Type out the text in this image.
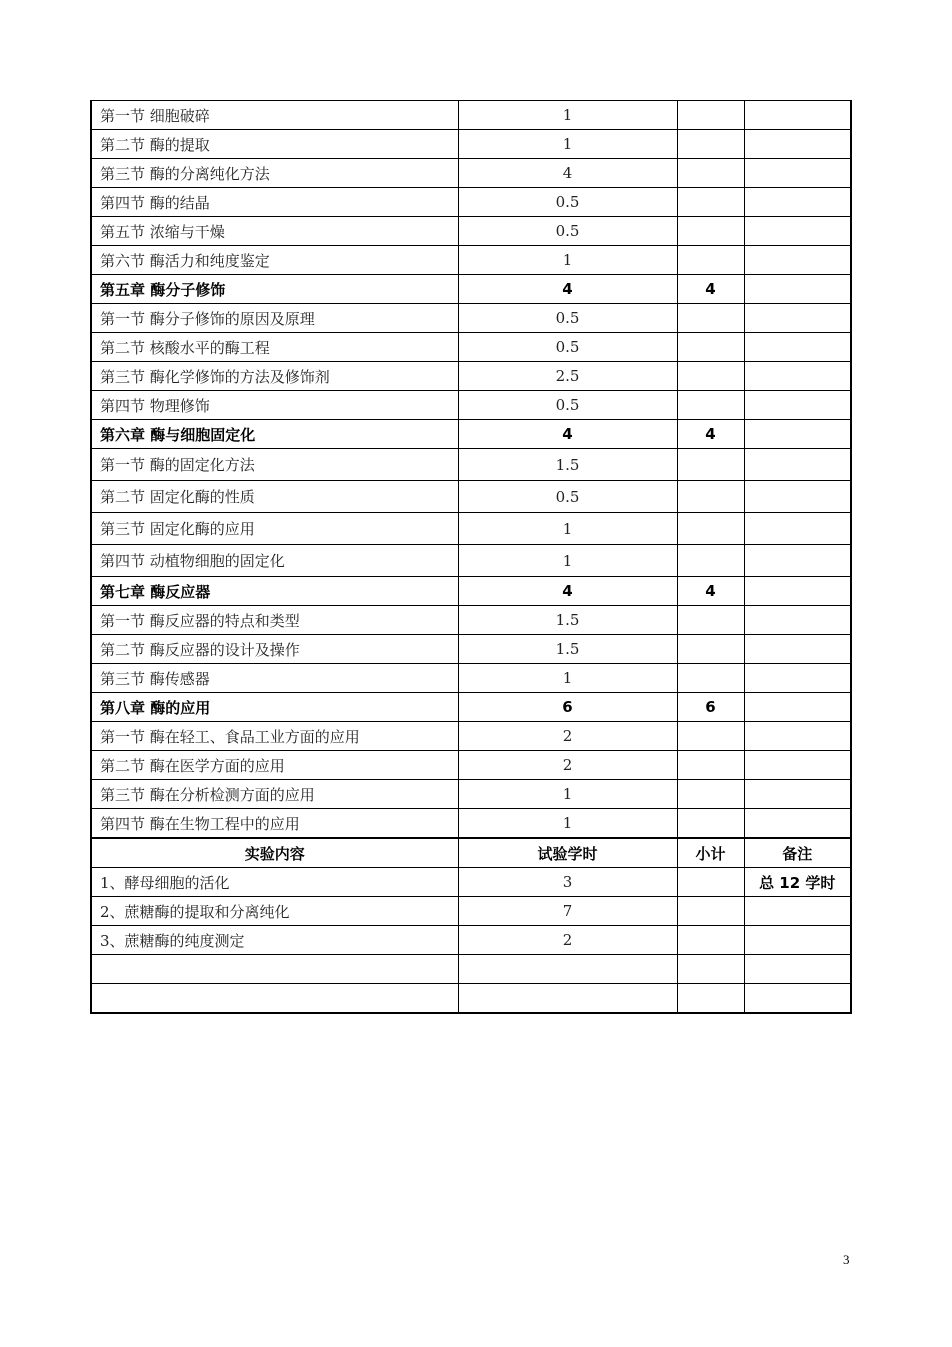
第一节 细胞破碎	1		
第二节 酶的提取	1		
第三节 酶的分离纯化方法	4		
第四节 酶的结晶	0.5		
第五节 浓缩与干燥	0.5		
第六节 酶活力和纯度鉴定	1		
第五章 酶分子修饰	4	4	
第一节 酶分子修饰的原因及原理	0.5		
第二节 核酸水平的酶工程	0.5		
第三节 酶化学修饰的方法及修饰剂	2.5		
第四节 物理修饰	0.5		
第六章 酶与细胞固定化	4	4	
第一节 酶的固定化方法	1.5		
第二节 固定化酶的性质	0.5		
第三节 固定化酶的应用	1		
第四节 动植物细胞的固定化	1		
第七章 酶反应器	4	4	
第一节 酶反应器的特点和类型	1.5		
第二节 酶反应器的设计及操作	1.5		
第三节 酶传感器	1		
第八章 酶的应用	6	6	
第一节 酶在轻工、食品工业方面的应用	2		
第二节 酶在医学方面的应用	2		
第三节 酶在分析检测方面的应用	1		
第四节 酶在生物工程中的应用	1		
实验内容	试验学时	小计	备注
1、酵母细胞的活化	3		总 12 学时
2、蔗糖酶的提取和分离纯化	7		
3、蔗糖酶的纯度测定	2		

3
